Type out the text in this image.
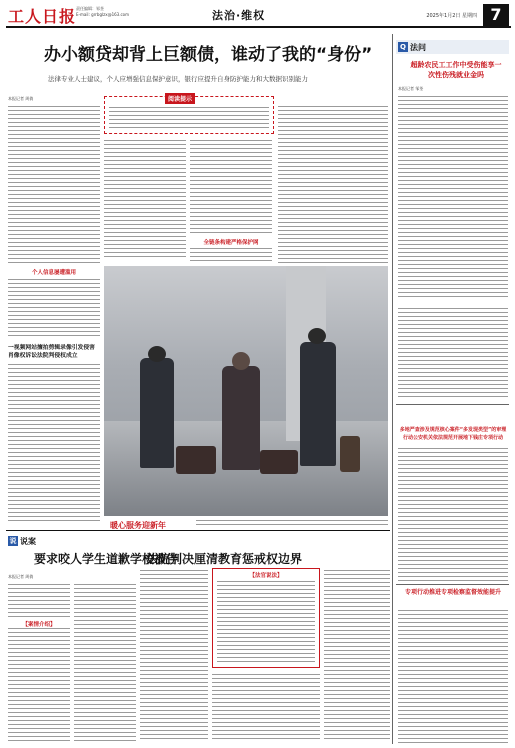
工人日报 责任编辑：邹荃
E-mail: grrbglzx@163.com	法治·维权	2025年1月2日 星期四 7
办小额贷却背上巨额债，谁动了我的“身份”
法律专业人士建议，个人应增强信息保护意识，银行应提升自身防护能力和大数据识别能力
本报记者 周倩
个人信息屡遭滥用
阅读提示
全链条构建严格保护网
暖心服务迎新年
一视频网站擅拍剪辑录像引发侵害肖像权诉讼法院判侵权成立
说 说案
要求咬人学生道歉学校被告
本报记者 周倩
【案情介绍】
法院判决厘清教育惩戒权边界
【法官说法】
Q 法问
超龄农民工工作中受伤能享一次性伤残就业金吗
本报记者 邹荃
多地严查涉及规范核心案件“多发现类型”的审理行动公安机关依法规范开展地下钱庄专项行动
专项行动推进专项检察监督效能提升
